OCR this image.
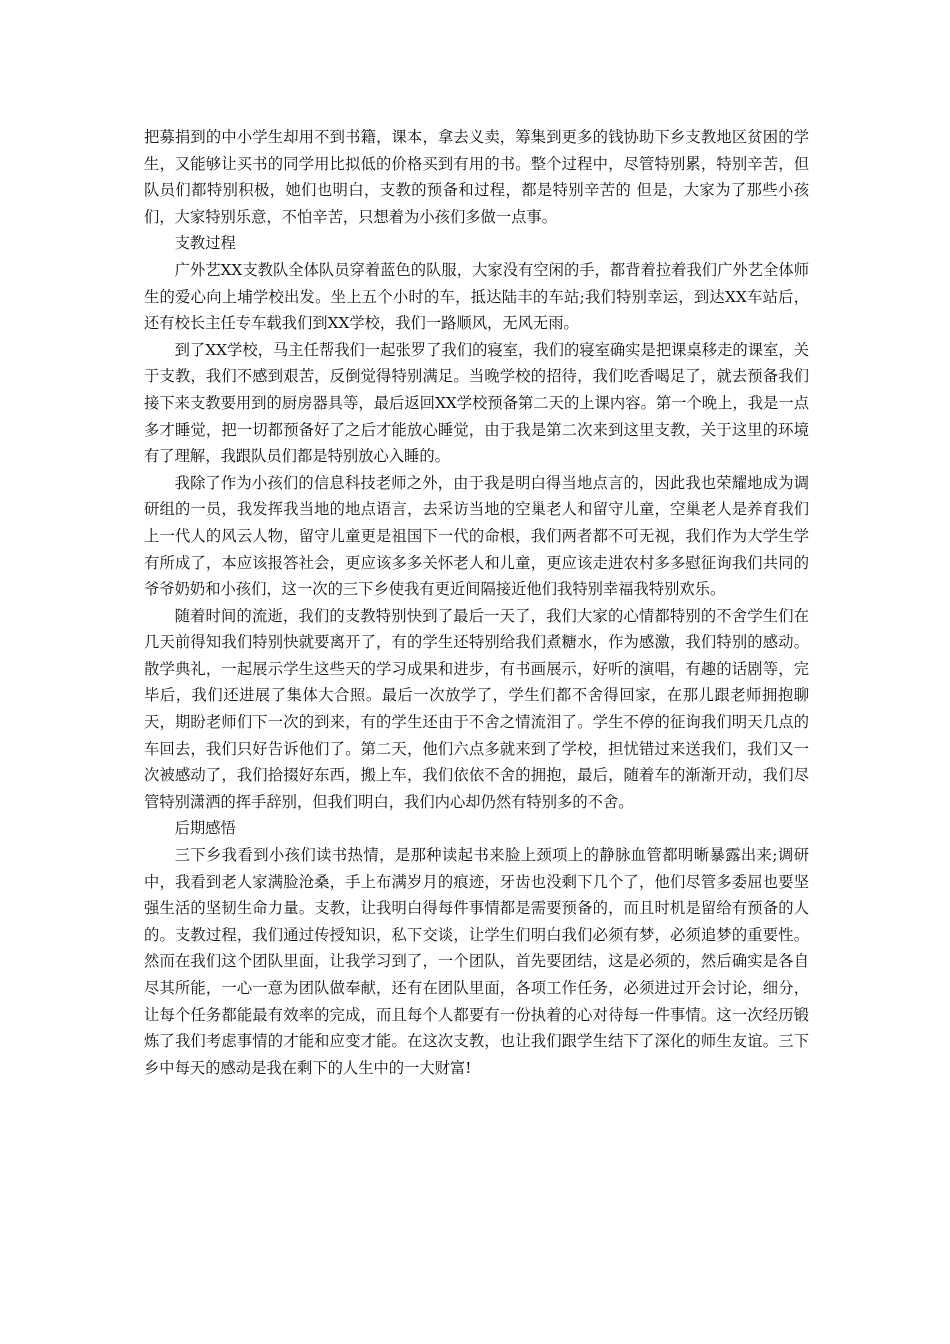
把募捐到的中小学生却用不到书籍，课本，拿去义卖，筹集到更多的钱协助下乡支教地区贫困的学生，又能够让买书的同学用比拟低的价格买到有用的书。整个过程中，尽管特别累，特别辛苦，但队员们都特别积极，她们也明白，支教的预备和过程，都是特别辛苦的 但是，大家为了那些小孩们，大家特别乐意，不怕辛苦，只想着为小孩们多做一点事。

支教过程

广外艺XX支教队全体队员穿着蓝色的队服，大家没有空闲的手，都背着拉着我们广外艺全体师生的爱心向上埔学校出发。坐上五个小时的车，抵达陆丰的车站;我们特别幸运，到达XX车站后，还有校长主任专车载我们到XX学校，我们一路顺风，无风无雨。

到了XX学校，马主任帮我们一起张罗了我们的寝室，我们的寝室确实是把课桌移走的课室，关于支教，我们不感到艰苦，反倒觉得特别满足。当晚学校的招待，我们吃香喝足了，就去预备我们接下来支教要用到的厨房器具等，最后返回XX学校预备第二天的上课内容。第一个晚上，我是一点多才睡觉，把一切都预备好了之后才能放心睡觉，由于我是第二次来到这里支教，关于这里的环境有了理解，我跟队员们都是特别放心入睡的。

我除了作为小孩们的信息科技老师之外，由于我是明白得当地点言的，因此我也荣耀地成为调研组的一员，我发挥我当地的地点语言，去采访当地的空巢老人和留守儿童，空巢老人是养育我们上一代人的风云人物，留守儿童更是祖国下一代的命根，我们两者都不可无视，我们作为大学生学有所成了，本应该报答社会，更应该多多关怀老人和儿童，更应该走进农村多多慰征询我们共同的爷爷奶奶和小孩们，这一次的三下乡使我有更近间隔接近他们我特别幸福我特别欢乐。

随着时间的流逝，我们的支教特别快到了最后一天了，我们大家的心情都特别的不舍学生们在几天前得知我们特别快就要离开了，有的学生还特别给我们煮糖水，作为感激，我们特别的感动。散学典礼，一起展示学生这些天的学习成果和进步，有书画展示，好听的演唱，有趣的话剧等，完毕后，我们还进展了集体大合照。最后一次放学了，学生们都不舍得回家，在那儿跟老师拥抱聊天，期盼老师们下一次的到来，有的学生还由于不舍之情流泪了。学生不停的征询我们明天几点的车回去，我们只好告诉他们了。第二天，他们六点多就来到了学校，担忧错过来送我们，我们又一次被感动了，我们拾掇好东西，搬上车，我们依依不舍的拥抱，最后，随着车的渐渐开动，我们尽管特别潇洒的挥手辞别，但我们明白，我们内心却仍然有特别多的不舍。

后期感悟

三下乡我看到小孩们读书热情，是那种读起书来脸上颈项上的静脉血管都明晰暴露出来;调研中，我看到老人家满脸沧桑，手上布满岁月的痕迹，牙齿也没剩下几个了，他们尽管多委屈也要坚强生活的坚韧生命力量。支教，让我明白得每件事情都是需要预备的，而且时机是留给有预备的人的。支教过程，我们通过传授知识，私下交谈，让学生们明白我们必须有梦，必须追梦的重要性。然而在我们这个团队里面，让我学习到了，一个团队，首先要团结，这是必须的，然后确实是各自尽其所能，一心一意为团队做奉献，还有在团队里面，各项工作任务，必须进过开会讨论，细分，让每个任务都能最有效率的完成，而且每个人都要有一份执着的心对待每一件事情。这一次经历锻炼了我们考虑事情的才能和应变才能。在这次支教，也让我们跟学生结下了深化的师生友谊。三下乡中每天的感动是我在剩下的人生中的一大财富!
